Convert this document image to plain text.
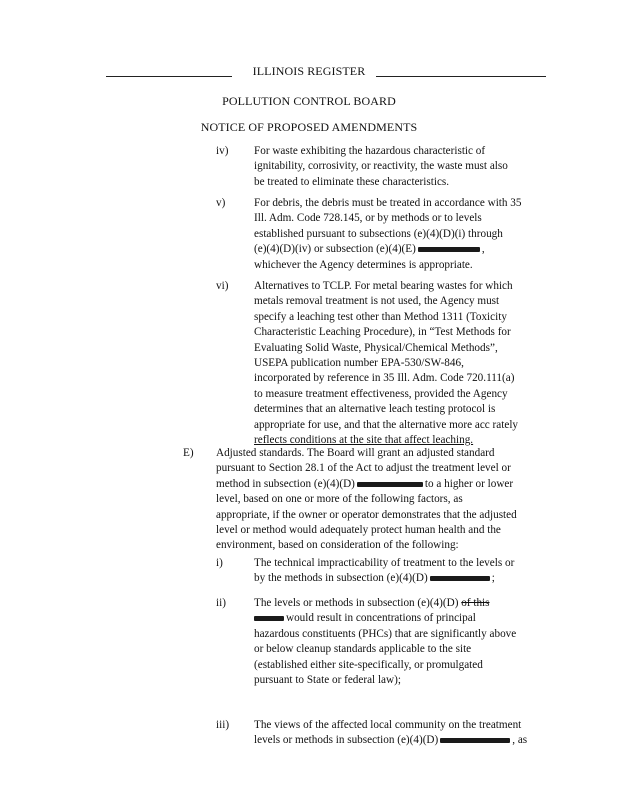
ILLINOIS REGISTER
POLLUTION CONTROL BOARD
NOTICE OF PROPOSED AMENDMENTS
iv) For waste exhibiting the hazardous characteristic of
ignitability, corrosivity, or reactivity, the waste must also
be treated to eliminate these characteristics.
v)	For debris, the debris must be treated in accordance with 35
Ill. Adm. Code 728.145, or by methods or to levels
established pursuant to subsections (e)(4)(D)(i) through
(e)(4)(D)(iv) or subsection (e)(4)(E)	,
whichever the Agency determines is appropriate.
vi) Alternatives to TCLP. For metal bearing wastes for which
metals removal treatment is not used, the Agency must
specify a leaching test other than Method 1311 (Toxicity
Characteristic Leaching Procedure), in “Test Methods for
Evaluating Solid Waste, Physical/Chemical Methods”,
USEPA publication number EPA-530/SW-846,
incorporated by reference in 35 Ill. Adm. Code 720.111(a)
to measure treatment effectiveness, provided the Agency
determines that an alternative leach testing protocol is
appropriate for use, and that the alternative more acc rately
reflects conditions at the site that affect leaching.
E) Adjusted standards. The Board will grant an adjusted standard
pursuant to Section 28.1 of the Act to adjust the treatment level or
method in subsection (e)(4)(D)	to a higher or lower
level, based on one or more of the following factors, as
appropriate, if the owner or operator demonstrates that the adjusted
level or method would adequately protect human health and the
environment, based on consideration of the following:
i)	The technical impracticability of treatment to the levels or
by the methods in subsection (e)(4)(D)	;
ii)	The levels or methods in subsection (e)(4)(D) of this
would result in concentrations of principal
hazardous constituents (PHCs) that are significantly above
or below cleanup standards applicable to the site
(established either site-specifically, or promulgated
pursuant to State or federal law);
iii) The views of the affected local community on the treatment
levels or methods in subsection (e)(4)(D)	, as
